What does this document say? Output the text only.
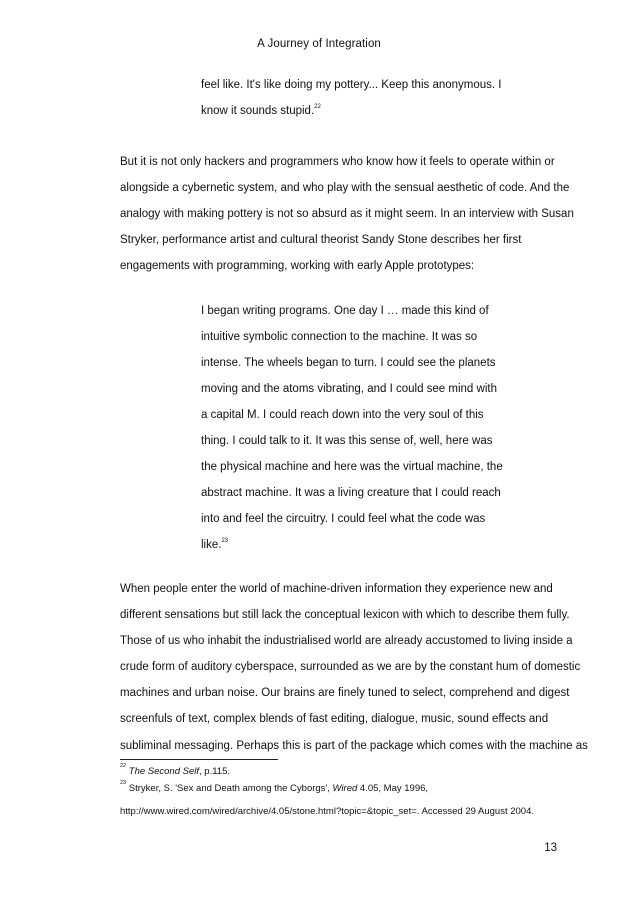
A Journey of Integration
feel like. It's like doing my pottery... Keep this anonymous. I
know it sounds stupid.$^{22}$
But it is not only hackers and programmers who know how it feels to operate within or
alongside a cybernetic system, and who play with the sensual aesthetic of code. And the
analogy with making pottery is not so absurd as it might seem. In an interview with Susan
Stryker, performance artist and cultural theorist Sandy Stone describes her first
engagements with programming, working with early Apple prototypes:
I began writing programs. One day I … made this kind of
intuitive symbolic connection to the machine. It was so
intense. The wheels began to turn. I could see the planets
moving and the atoms vibrating, and I could see mind with
a capital M. I could reach down into the very soul of this
thing. I could talk to it. It was this sense of, well, here was
the physical machine and here was the virtual machine, the
abstract machine. It was a living creature that I could reach
into and feel the circuitry. I could feel what the code was
like.$^{23}$
When people enter the world of machine-driven information they experience new and
different sensations but still lack the conceptual lexicon with which to describe them fully.
Those of us who inhabit the industrialised world are already accustomed to living inside a
crude form of auditory cyberspace, surrounded as we are by the constant hum of domestic
machines and urban noise. Our brains are finely tuned to select, comprehend and digest
screenfuls of text, complex blends of fast editing, dialogue, music, sound effects and
subliminal messaging. Perhaps this is part of the package which comes with the machine as
$^{22}$ The Second Self, p.115.
$^{23}$ Stryker, S. 'Sex and Death among the Cyborgs', Wired 4.05, May 1996,
http://www.wired.com/wired/archive/4.05/stone.html?topic=&topic_set=. Accessed 29 August 2004.
13
